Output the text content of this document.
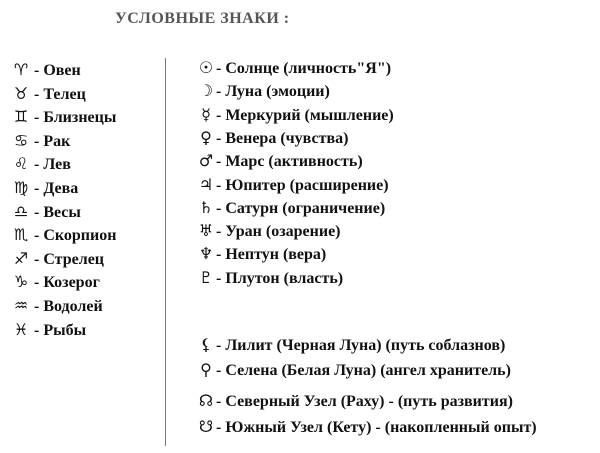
УСЛОВНЫЕ ЗНАКИ :
♈ - Овен
♉ - Телец
♊ - Близнецы
♋ - Рак
♌ - Лев
♍ - Дева
♎ - Весы
♏ - Скорпион
♐ - Стрелец
♑ - Козерог
♒ - Водолей
♓ - Рыбы
☉ - Солнце (личность"Я")
☽ - Луна (эмоции)
☿ - Меркурий (мышление)
♀ - Венера (чувства)
♂ - Марс (активность)
♃ - Юпитер (расширение)
♄ - Сатурн (ограничение)
♅ - Уран (озарение)
♆ - Нептун (вера)
♇ - Плутон (власть)
⚸ - Лилит (Черная Луна) (путь соблазнов)
⚲ - Селена (Белая Луна) (ангел хранитель)
☊ - Северный Узел (Раху) - (путь развития)
☋ - Южный Узел (Кету) - (накопленный опыт)
